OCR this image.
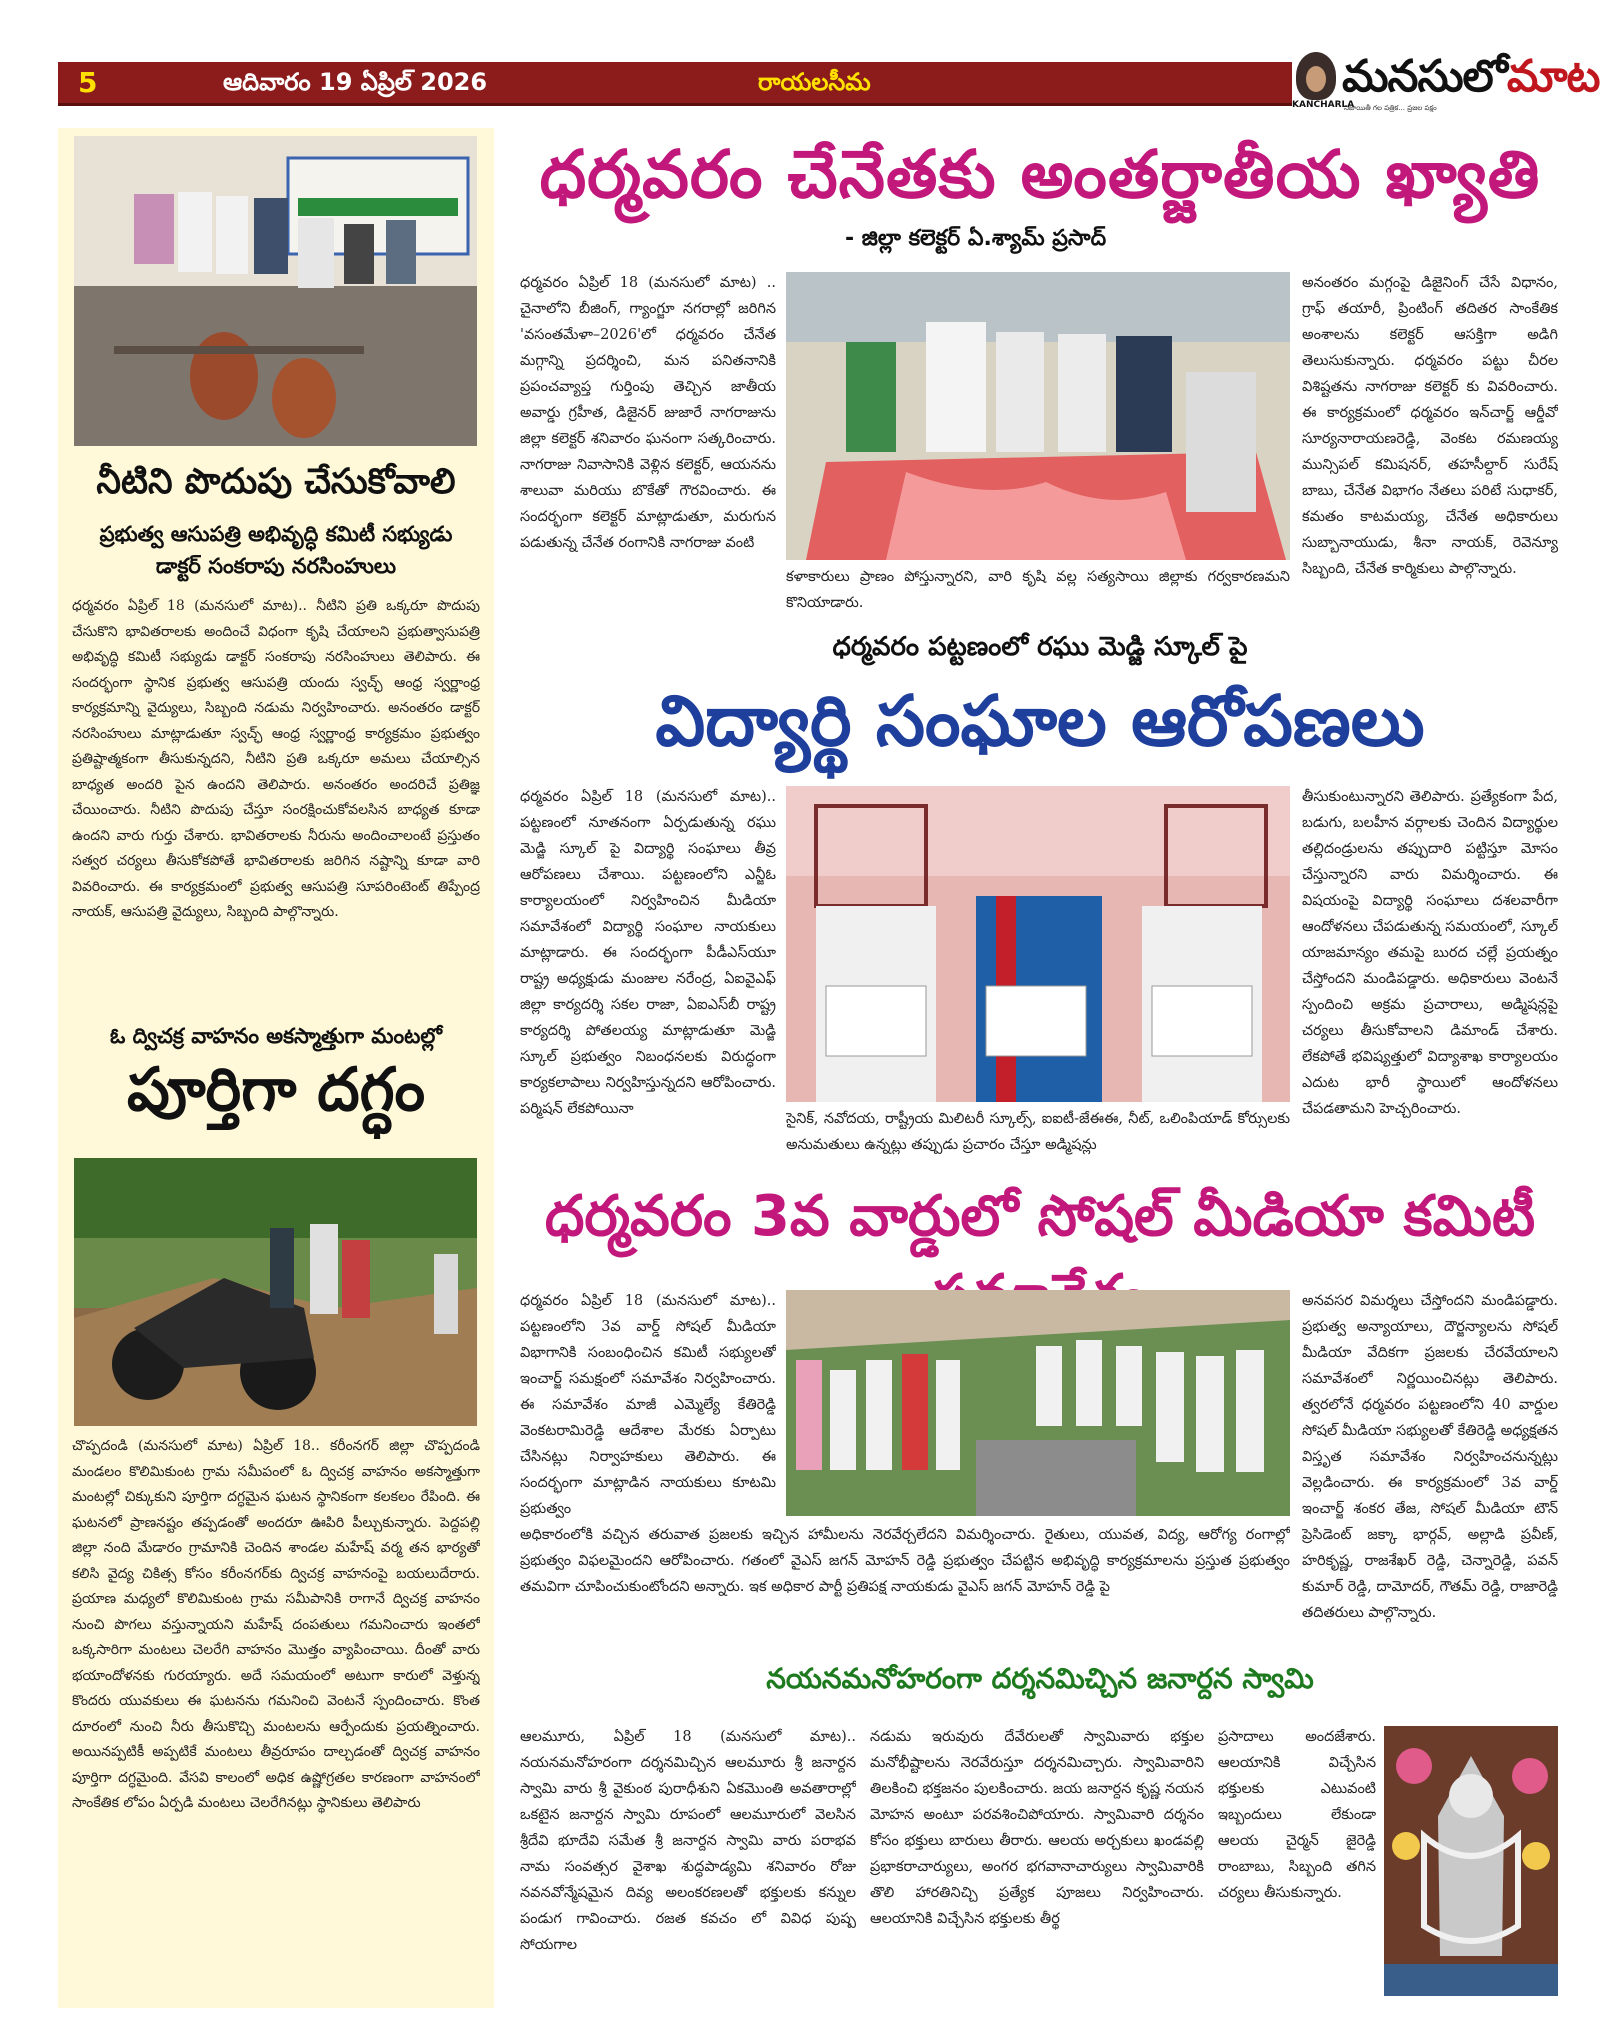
5	ఆదివారం 19 ఏప్రిల్ 2026	రాయలసీమ
KANCHARLA
మనసులోమాట
నిజాయితీ గల పత్రిక... ప్రజల పక్షం
నీటిని పొదుపు చేసుకోవాలి
ప్రభుత్వ ఆసుపత్రి అభివృద్ధి కమిటీ సభ్యుడు డాక్టర్ సంకరాపు నరసింహులు
ధర్మవరం ఏప్రిల్ 18 (మనసులో మాట).. నీటిని ప్రతి ఒక్కరూ పొదుపు చేసుకొని భావితరాలకు అందించే విధంగా కృషి చేయాలని ప్రభుత్వాసుపత్రి అభివృద్ధి కమిటీ సభ్యుడు డాక్టర్ సంకరాపు నరసింహులు తెలిపారు. ఈ సందర్భంగా స్థానిక ప్రభుత్వ ఆసుపత్రి యందు స్వచ్ఛ్ ఆంధ్ర స్వర్ణాంధ్ర కార్యక్రమాన్ని వైద్యులు, సిబ్బంది నడుమ నిర్వహించారు. అనంతరం డాక్టర్ నరసింహులు మాట్లాడుతూ స్వచ్ఛ్ ఆంధ్ర స్వర్ణాంధ్ర కార్యక్రమం ప్రభుత్వం ప్రతిష్టాత్మకంగా తీసుకున్నదని, నీటిని ప్రతి ఒక్కరూ అమలు చేయాల్సిన బాధ్యత అందరి పైన ఉందని తెలిపారు. అనంతరం అందరిచే ప్రతిజ్ఞ చేయించారు. నీటిని పొదుపు చేస్తూ సంరక్షించుకోవలసిన బాధ్యత కూడా ఉందని వారు గుర్తు చేశారు. భావితరాలకు నీరును అందించాలంటే ప్రస్తుతం సత్వర చర్యలు తీసుకోకపోతే భావితరాలకు జరిగిన నష్టాన్ని కూడా వారి వివరించారు. ఈ కార్యక్రమంలో ప్రభుత్వ ఆసుపత్రి సూపరింటెంట్ తిప్పేంద్ర నాయక్, ఆసుపత్రి వైద్యులు, సిబ్బంది పాల్గొన్నారు.
ఓ ద్విచక్ర వాహనం అకస్మాత్తుగా మంటల్లో
పూర్తిగా దగ్ధం
చొప్పదండి (మనసులో మాట) ఏప్రిల్ 18.. కరీంనగర్ జిల్లా చొప్పదండి మండలం కొలిమికుంట గ్రామ సమీపంలో ఓ ద్విచక్ర వాహనం అకస్మాత్తుగా మంటల్లో చిక్కుకుని పూర్తిగా దగ్ధమైన ఘటన స్థానికంగా కలకలం రేపింది. ఈ ఘటనలో ప్రాణనష్టం తప్పడంతో అందరూ ఊపిరి పీల్చుకున్నారు. పెద్దపల్లి జిల్లా నంది మేడారం గ్రామానికి చెందిన శాండల మహేష్ వర్మ తన భార్యతో కలిసి వైద్య చికిత్స కోసం కరీంనగర్‌కు ద్విచక్ర వాహనంపై బయలుదేరారు. ప్రయాణ మధ్యలో కొలిమికుంట గ్రామ సమీపానికి రాగానే ద్విచక్ర వాహనం నుంచి పొగలు వస్తున్నాయని మహేష్ దంపతులు గమనించారు ఇంతలో ఒక్కసారిగా మంటలు చెలరేగి వాహనం మొత్తం వ్యాపించాయి. దీంతో వారు భయాందోళనకు గురయ్యారు. అదే సమయంలో అటుగా కారులో వెళ్తున్న కొందరు యువకులు ఈ ఘటనను గమనించి వెంటనే స్పందించారు. కొంత దూరంలో నుంచి నీరు తీసుకొచ్చి మంటలను ఆర్పేందుకు ప్రయత్నించారు. అయినప్పటికీ అప్పటికే మంటలు తీవ్రరూపం దాల్చడంతో ద్విచక్ర వాహనం పూర్తిగా దగ్ధమైంది. వేసవి కాలంలో అధిక ఉష్ణోగ్రతల కారణంగా వాహనంలో సాంకేతిక లోపం ఏర్పడి మంటలు చెలరేగినట్లు స్థానికులు తెలిపారు
ధర్మవరం చేనేతకు అంతర్జాతీయ ఖ్యాతి
- జిల్లా కలెక్టర్ ఏ.శ్యామ్ ప్రసాద్
ధర్మవరం ఏప్రిల్ 18 (మనసులో మాట) .. చైనాలోని బీజింగ్, గ్యాంగ్జూ నగరాల్లో జరిగిన 'వసంతమేళా–2026'లో ధర్మవరం చేనేత మగ్గాన్ని ప్రదర్శించి, మన పనితనానికి ప్రపంచవ్యాప్త గుర్తింపు తెచ్చిన జాతీయ అవార్డు గ్రహీత, డిజైనర్ జుజారే నాగరాజును జిల్లా కలెక్టర్ శనివారం ఘనంగా సత్కరించారు. నాగరాజు నివాసానికి వెళ్లిన కలెక్టర్, ఆయనను శాలువా మరియు బొకేతో గౌరవించారు. ఈ సందర్భంగా కలెక్టర్ మాట్లాడుతూ, మరుగున పడుతున్న చేనేత రంగానికి నాగరాజు వంటి
కళాకారులు ప్రాణం పోస్తున్నారని, వారి కృషి వల్ల సత్యసాయి జిల్లాకు గర్వకారణమని కొనియాడారు.
అనంతరం మగ్గంపై డిజైనింగ్ చేసే విధానం, గ్రాఫ్ తయారీ, ప్రింటింగ్ తదితర సాంకేతిక అంశాలను కలెక్టర్ ఆసక్తిగా అడిగి తెలుసుకున్నారు. ధర్మవరం పట్టు చీరల విశిష్టతను నాగరాజు కలెక్టర్ కు వివరించారు. ఈ కార్యక్రమంలో ధర్మవరం ఇన్‌చార్జ్ ఆర్డీవో సూర్యనారాయణరెడ్డి, వెంకట రమణయ్య మున్సిపల్ కమిషనర్, తహసీల్దార్ సురేష్ బాబు, చేనేత విభాగం నేతలు పరిటే సుధాకర్, కమతం కాటమయ్య, చేనేత అధికారులు సుబ్బానాయుడు, శీనా నాయక్, రెవెన్యూ సిబ్బంది, చేనేత కార్మికులు పాల్గొన్నారు.
ధర్మవరం పట్టణంలో రఘు మెడ్జి స్కూల్ పై
విద్యార్థి సంఘాల ఆరోపణలు
ధర్మవరం ఏప్రిల్ 18 (మనసులో మాట).. పట్టణంలో నూతనంగా ఏర్పడుతున్న రఘు మెడ్జి స్కూల్ పై విద్యార్థి సంఘాలు తీవ్ర ఆరోపణలు చేశాయి. పట్టణంలోని ఎన్జీఓ కార్యాలయంలో నిర్వహించిన మీడియా సమావేశంలో విద్యార్థి సంఘాల నాయకులు మాట్లాడారు. ఈ సందర్భంగా పీడీఎస్‌యూ రాష్ట్ర అధ్యక్షుడు మంజుల నరేంద్ర, ఏఐవైఎఫ్ జిల్లా కార్యదర్శి సకల రాజా, ఏఐఎస్‌బీ రాష్ట్ర కార్యదర్శి పోతలయ్య మాట్లాడుతూ మెడ్జి స్కూల్ ప్రభుత్వం నిబంధనలకు విరుద్ధంగా కార్యకలాపాలు నిర్వహిస్తున్నదని ఆరోపించారు. పర్మిషన్ లేకపోయినా
సైనిక్, నవోదయ, రాష్ట్రీయ మిలిటరీ స్కూల్స్, ఐఐటీ-జేఈఈ, నీట్, ఒలింపియాడ్ కోర్సులకు అనుమతులు ఉన్నట్లు తప్పుడు ప్రచారం చేస్తూ అడ్మిషన్లు
తీసుకుంటున్నారని తెలిపారు. ప్రత్యేకంగా పేద, బడుగు, బలహీన వర్గాలకు చెందిన విద్యార్థుల తల్లిదండ్రులను తప్పుదారి పట్టిస్తూ మోసం చేస్తున్నారని వారు విమర్శించారు. ఈ విషయంపై విద్యార్థి సంఘాలు దశలవారీగా ఆందోళనలు చేపడుతున్న సమయంలో, స్కూల్ యాజమాన్యం తమపై బురద చల్లే ప్రయత్నం చేస్తోందని మండిపడ్డారు. అధికారులు వెంటనే స్పందించి అక్రమ ప్రచారాలు, అడ్మిషన్లపై చర్యలు తీసుకోవాలని డిమాండ్ చేశారు. లేకపోతే భవిష్యత్తులో విద్యాశాఖ కార్యాలయం ఎదుట భారీ స్థాయిలో ఆందోళనలు చేపడతామని హెచ్చరించారు.
ధర్మవరం 3వ వార్డులో సోషల్ మీడియా కమిటీ
ధర్మవరం ఏప్రిల్ 18 (మనసులో మాట).. పట్టణంలోని 3వ వార్డ్ సోషల్ మీడియా విభాగానికి సంబంధించిన కమిటీ సభ్యులతో ఇంచార్జ్ సమక్షంలో సమావేశం నిర్వహించారు. ఈ సమావేశం మాజీ ఎమ్మెల్యే కేతిరెడ్డి వెంకటరామిరెడ్డి ఆదేశాల మేరకు ఏర్పాటు చేసినట్లు నిర్వాహకులు తెలిపారు. ఈ సందర్భంగా మాట్లాడిన నాయకులు కూటమి ప్రభుత్వం
అధికారంలోకి వచ్చిన తరువాత ప్రజలకు ఇచ్చిన హామీలను నెరవేర్చలేదని విమర్శించారు. రైతులు, యువత, విద్య, ఆరోగ్య రంగాల్లో ప్రభుత్వం విఫలమైందని ఆరోపించారు. గతంలో వైఎస్ జగన్ మోహన్ రెడ్డి ప్రభుత్వం చేపట్టిన అభివృద్ధి కార్యక్రమాలను ప్రస్తుత ప్రభుత్వం తమవిగా చూపించుకుంటోందని అన్నారు. ఇక అధికార పార్టీ ప్రతిపక్ష నాయకుడు వైఎస్ జగన్ మోహన్ రెడ్డి పై
అనవసర విమర్శలు చేస్తోందని మండిపడ్డారు. ప్రభుత్వ అన్యాయాలు, దౌర్జన్యాలను సోషల్ మీడియా వేదికగా ప్రజలకు చేరవేయాలని సమావేశంలో నిర్ణయించినట్లు తెలిపారు. త్వరలోనే ధర్మవరం పట్టణంలోని 40 వార్డుల సోషల్ మీడియా సభ్యులతో కేతిరెడ్డి అధ్యక్షతన విస్తృత సమావేశం నిర్వహించనున్నట్లు వెల్లడించారు. ఈ కార్యక్రమంలో 3వ వార్డ్ ఇంచార్జ్ శంకర తేజ, సోషల్ మీడియా టౌన్ ప్రెసిడెంట్ జక్కా భార్గవ్, అల్లాడి ప్రవీణ్, హరికృష్ణ, రాజశేఖర్ రెడ్డి, చెన్నారెడ్డి, పవన్ కుమార్ రెడ్డి, దామోదర్, గౌతమ్ రెడ్డి, రాజారెడ్డి తదితరులు పాల్గొన్నారు.
నయనమనోహరంగా దర్శనమిచ్చిన జనార్దన స్వామి
ఆలమూరు, ఏప్రిల్ 18 (మనసులో మాట).. నయనమనోహరంగా దర్శనమిచ్చిన ఆలమూరు శ్రీ జనార్దన స్వామి వారు శ్రీ వైకుంఠ పురాధీశుని ఏకమొంతి అవతారాల్లో ఒకటైన జనార్దన స్వామి రూపంలో ఆలమూరులో వెలసిన శ్రీదేవి భూదేవి సమేత శ్రీ జనార్దన స్వామి వారు పరాభవ నామ సంవత్సర వైశాఖ శుద్ధపాడ్యమి శనివారం రోజు నవనవోన్మేషమైన దివ్య అలంకరణలతో భక్తులకు కన్నుల పండుగ గావించారు. రజత కవచం లో వివిధ పుష్ప సోయగాల
నడుమ ఇరువురు దేవేరులతో స్వామివారు భక్తుల మనోభీష్టాలను నెరవేరుస్తూ దర్శనమిచ్చారు. స్వామివారిని తిలకించి భక్తజనం పులకించారు. జయ జనార్దన కృష్ణ నయన మోహన అంటూ పరవశించిపోయారు. స్వామివారి దర్శనం కోసం భక్తులు బారులు తీరారు. ఆలయ అర్చకులు ఖండవల్లి ప్రభాకరాచార్యులు, అంగర భగవానాచార్యులు స్వామివారికి తొలి హారతినిచ్చి ప్రత్యేక పూజలు నిర్వహించారు. ఆలయానికి విచ్చేసిన భక్తులకు తీర్థ
ప్రసాదాలు అందజేశారు. ఆలయానికి విచ్చేసిన భక్తులకు ఎటువంటి ఇబ్బందులు లేకుండా ఆలయ చైర్మన్ జైరెడ్డి రాంబాబు, సిబ్బంది తగిన చర్యలు తీసుకున్నారు.
